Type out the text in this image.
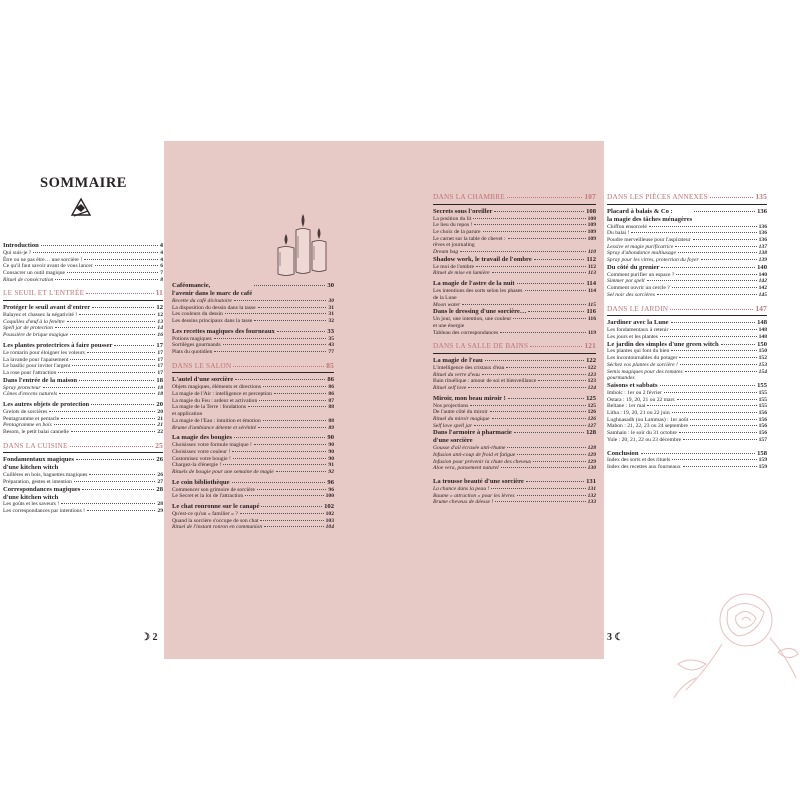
SOMMAIRE
Introduction	4
Qui suis-je ?	4
Être ou ne pas être… une sorcière !	4
Ce qu'il faut savoir avant de vous lancer	6
Consacrer un outil magique	7
Rituel de consécration	8
LE SEUIL ET L'ENTRÉE	11
Protéger le seuil avant d'entrer	12
Balayez et chassez la négativité !	12
Coquilles d'œuf à la fenêtre	13
Spell jar de protection	14
Poussière de brique magique	16
Les plantes protectrices à faire pousser	17
Le romarin pour éloigner les voleurs	17
La lavande pour l'apaisement	17
Le basilic pour inviter l'argent	17
La rose pour l'attraction	17
Dans l'entrée de la maison	18
Spray protecteur	18
Cônes d'encens naturels	18
Les autres objets de protection	20
Grelots de sorcières	20
Pentagramme et pentacle	21
Pentagramme en bois	21
Besom, le petit balai cannelle	22
DANS LA CUISINE	25
Fondamentaux magiques
d'une kitchen witch
26
Cuillères en bois, baguettes magiques	26
Préparation, gestes et intention	27
Correspondances magiques
d'une kitchen witch
28
Les goûts et les saveurs !	28
Les correspondances par intentions !	29
Caféomancie,
l'avenir dans le marc de café
30
Recette du café divinatoire	30
La disposition du dessin dans la tasse	31
Les couleurs du dessin	31
Les dessins principaux dans la tasse	32
Les recettes magiques des fourneaux	33
Potions magiques	35
Sortilèges gourmands	43
Plats du quotidien	77
DANS LE SALON	85
L'autel d'une sorcière	86
Objets magiques, éléments et directions	86
La magie de l'Air : intelligence et perception	86
La magie du Feu : ardeur et activation	87
La magie de la Terre : fondations
et application
88
La magie de l'Eau : intuition et émotion	88
Brume d'ambiance détente et sérénité	89
La magie des bougies	90
Choisissez votre formule magique !	90
Choisissez votre couleur !	90
Customisez votre bougie !	90
Chargez-la d'énergie !	91
Rituels de bougie pour une semaine de magie	92
Le coin bibliothèque	96
Commencer son grimoire de sorcière	96
Le Secret et la loi de l'attraction	100
Le chat ronronne sur le canapé	102
Qu'est-ce qu'un « familier » ?	102
Quand la sorcière s'occupe de son chat	103
Rituel de l'instant ronron en communion	104
DANS LA CHAMBRE	107
Secrets sous l'oreiller	108
La position du lit	108
Le lieu du repos !	109
Le choix de la parure	109
Le carnet sur la table de chevet :
rêves et journaling
109
Dream bag	110
Shadow work, le travail de l'ombre	112
Le moi de l'ombre	112
Rituel de mise en lumière	113
La magie de l'astre de la nuit	114
Les intentions des sorts selon les phases
de la Lune
114
Moon water	115
Dans le dressing d'une sorcière…	116
Un jour, une intention, une couleur
et une énergie
116
Tableau des correspondances	119
DANS LA SALLE DE BAINS	121
La magie de l'eau	122
L'intelligence des cristaux d'eau	122
Rituel du verre d'eau	123
Bain rituélique : amour de soi et bienveillance	123
Rituel self love	124
Miroir, mon beau miroir !	125
Nos projections	125
De l'autre côté du miroir	126
Rituel du miroir magique	126
Self love spell jar	127
Dans l'armoire à pharmacie
d'une sorcière
128
Gousse d'ail écrasée anti-rhume	128
Infusion anti-coup de froid et fatigue	129
Infusion pour prévenir la chute des cheveux	129
Aloe vera, pansement naturel	130
La trousse beauté d'une sorcière	131
La chance dans la peau !	131
Baume « attraction » pour les lèvres	132
Brume cheveux de déesse !	133
DANS LES PIÈCES ANNEXES	135
Placard à balais & Co :
la magie des tâches ménagères
136
Chiffon ensorcelé	136
Du balai !	136
Poudre merveilleuse pour l'aspirateur	136
Lessive et magie purificatrice	137
Spray d'abondance multiusage	138
Spray pour les vitres, protection du foyer	139
Du côté du grenier	140
Comment purifier un espace ?	140
Simmer pot spell	142
Comment ouvrir un cercle ?	142
Sel noir des sorcières	145
DANS LE JARDIN	147
Jardiner avec la Lune	148
Les fondamentaux à retenir	148
Les jours et les plantes	148
Le jardin des simples d'une green witch	150
Les plantes qui font du bien	150
Les incontournables du potager	152
Séchez vos plantes de sorcière !	153
Semis magiques pour des tomates
gourmandes
154
Saisons et sabbats	155
Imbolc : 1er ou 2 février	155
Ostara : 19, 20, 21 ou 22 mars	155
Beltane : 1er mai	155
Litha : 19, 20, 21 ou 22 juin	156
Lughnasadh (ou Lammas) : 1er août	156
Mabon : 21, 22, 23 ou 24 septembre	156
Samhain : le soir du 31 octobre	156
Yule : 20, 21, 22 ou 23 décembre	157
Conclusion	158
Index des sorts et des rituels	159
Index des recettes aux fourneaux	159
☽ 2	3 ☾
